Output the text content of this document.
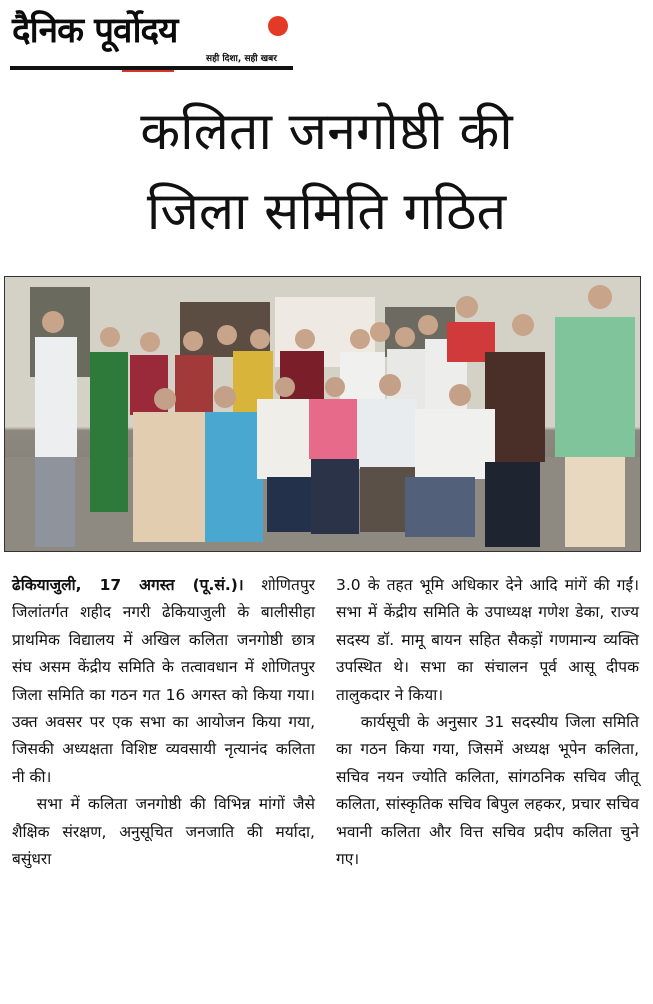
दैनिक पूर्वोदय
सही दिशा, सही खबर
कलिता जनगोष्ठी की
जिला समिति गठित

ढेकियाजुली, 17 अगस्त (पू.सं.)। शोणितपुर जिलांतर्गत शहीद नगरी ढेकियाजुली के बालीसीहा प्राथमिक विद्यालय में अखिल कलिता जनगोष्ठी छात्र संघ असम केंद्रीय समिति के तत्वावधान में शोणितपुर जिला समिति का गठन गत 16 अगस्त को किया गया। उक्त अवसर पर एक सभा का आयोजन किया गया, जिसकी अध्यक्षता विशिष्ट व्यवसायी नृत्यानंद कलिता नी की।

सभा में कलिता जनगोष्ठी की विभिन्न मांगों जैसे शैक्षिक संरक्षण, अनुसूचित जनजाति की मर्यादा, बसुंधरा

3.0 के तहत भूमि अधिकार देने आदि मांगें की गईं। सभा में केंद्रीय समिति के उपाध्यक्ष गणेश डेका, राज्य सदस्य डॉ. मामू बायन सहित सैकड़ों गणमान्य व्यक्ति उपस्थित थे। सभा का संचालन पूर्व आसू दीपक तालुकदार ने किया।

कार्यसूची के अनुसार 31 सदस्यीय जिला समिति का गठन किया गया, जिसमें अध्यक्ष भूपेन कलिता, सचिव नयन ज्योति कलिता, सांगठनिक सचिव जीतू कलिता, सांस्कृतिक सचिव बिपुल लहकर, प्रचार सचिव भवानी कलिता और वित्त सचिव प्रदीप कलिता चुने गए।
